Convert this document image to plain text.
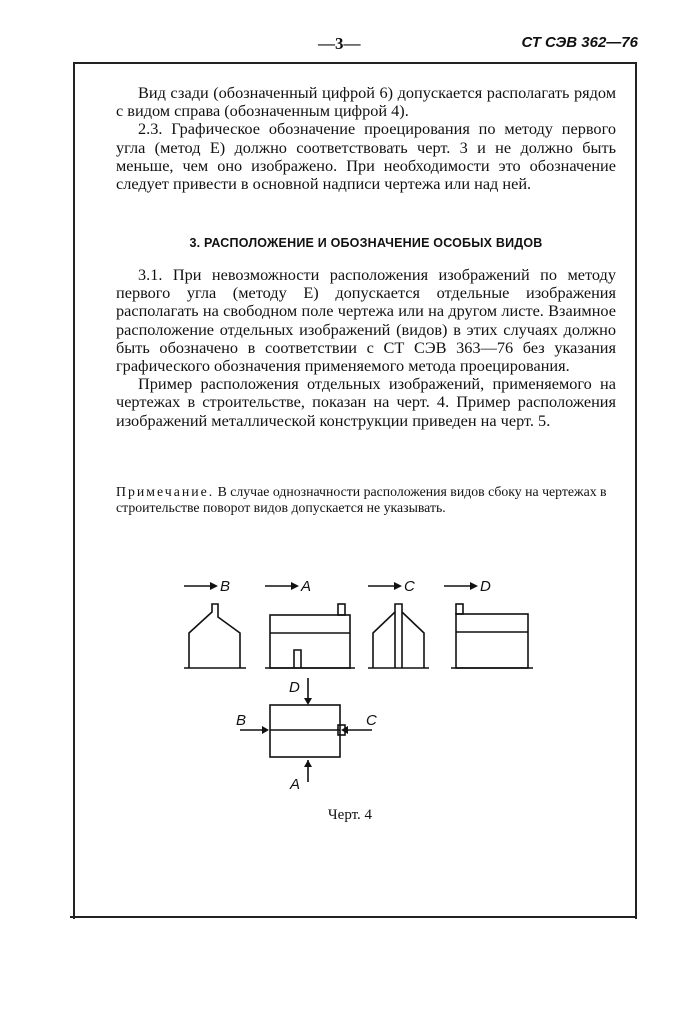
—3—	СТ СЭВ 362—76

Вид сзади (обозначенный цифрой 6) допускается располагать рядом с видом справа (обозначенным цифрой 4).

2.3. Графическое обозначение проецирования по методу первого угла (метод Е) должно соответствовать черт. 3 и не должно быть меньше, чем оно изображено. При необходимости это обозначение следует привести в основной надписи чертежа или над ней.

3. РАСПОЛОЖЕНИЕ И ОБОЗНАЧЕНИЕ ОСОБЫХ ВИДОВ

3.1. При невозможности расположения изображений по методу первого угла (методу Е) допускается отдельные изображения располагать на свободном поле чертежа или на другом листе. Взаимное расположение отдельных изображений (видов) в этих случаях должно быть обозначено в соответствии с СТ СЭВ 363—76 без указания графического обозначения применяемого метода проецирования.

Пример расположения отдельных изображений, применяемого на чертежах в строительстве, показан на черт. 4. Пример расположения изображений металлической конструкции приведен на черт. 5.

Примечание. В случае однозначности расположения видов сбоку на чертежах в строительстве поворот видов допускается не указывать.
B	A	C	D
D
B	C
A
Черт. 4
